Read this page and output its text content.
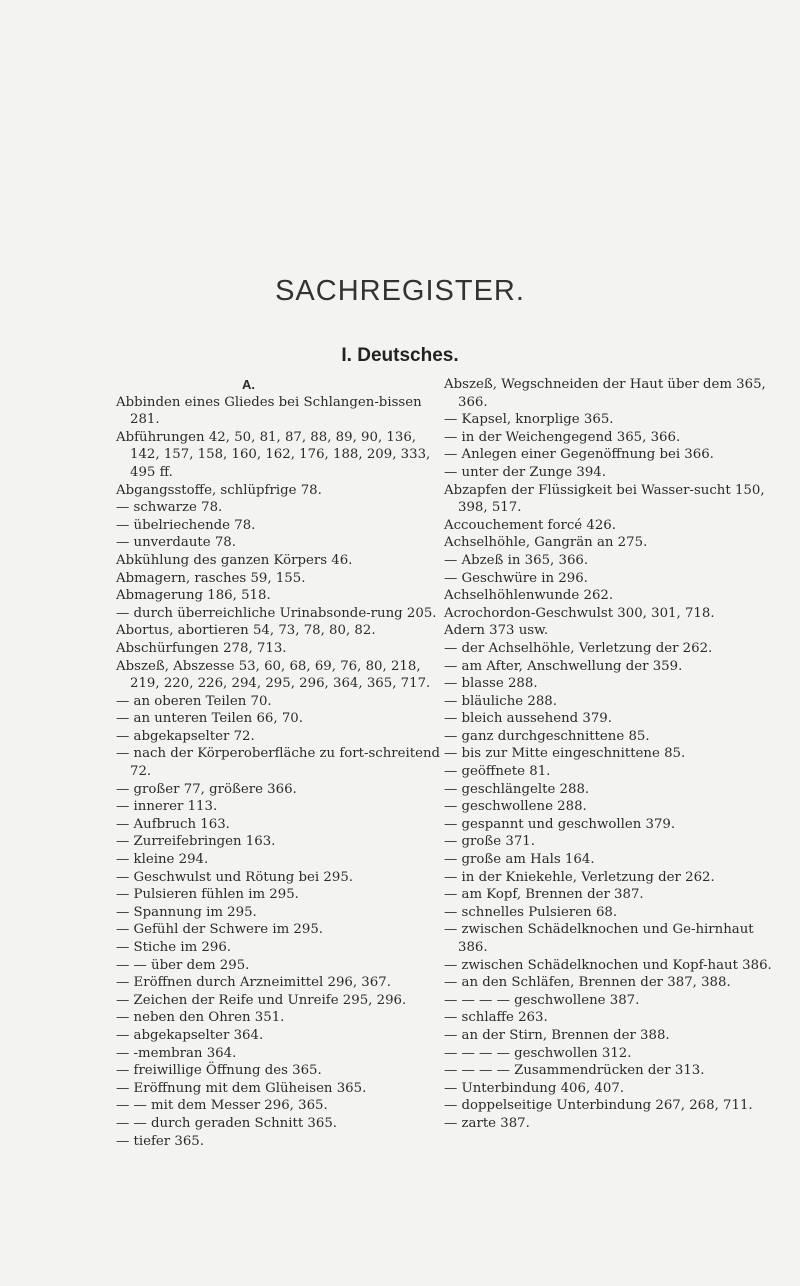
SACHREGISTER.
I. Deutsches.
A.
Abbinden eines Gliedes bei Schlangen-bissen 281.
Abführungen 42, 50, 81, 87, 88, 89, 90, 136, 142, 157, 158, 160, 162, 176, 188, 209, 333, 495 ff.
Abgangsstoffe, schlüpfrige 78.
— schwarze 78.
— übelriechende 78.
— unverdaute 78.
Abkühlung des ganzen Körpers 46.
Abmagern, rasches 59, 155.
Abmagerung 186, 518.
— durch überreichliche Urinabsonde-rung 205.
Abortus, abortieren 54, 73, 78, 80, 82.
Abschürfungen 278, 713.
Abszeß, Abszesse 53, 60, 68, 69, 76, 80, 218, 219, 220, 226, 294, 295, 296, 364, 365, 717.
— an oberen Teilen 70.
— an unteren Teilen 66, 70.
— abgekapselter 72.
— nach der Körperoberfläche zu fort-schreitend 72.
— großer 77, größere 366.
— innerer 113.
— Aufbruch 163.
— Zurreifebringen 163.
— kleine 294.
— Geschwulst und Rötung bei 295.
— Pulsieren fühlen im 295.
— Spannung im 295.
— Gefühl der Schwere im 295.
— Stiche im 296.
— — über dem 295.
— Eröffnen durch Arzneimittel 296, 367.
— Zeichen der Reife und Unreife 295, 296.
— neben den Ohren 351.
— abgekapselter 364.
— -membran 364.
— freiwillige Öffnung des 365.
— Eröffnung mit dem Glüheisen 365.
— — mit dem Messer 296, 365.
— — durch geraden Schnitt 365.
— tiefer 365.
Abszeß, Wegschneiden der Haut über dem 365, 366.
— Kapsel, knorplige 365.
— in der Weichengegend 365, 366.
— Anlegen einer Gegenöffnung bei 366.
— unter der Zunge 394.
Abzapfen der Flüssigkeit bei Wasser-sucht 150, 398, 517.
Accouchement forcé 426.
Achselhöhle, Gangrän an 275.
— Abzeß in 365, 366.
— Geschwüre in 296.
Achselhöhlenwunde 262.
Acrochordon-Geschwulst 300, 301, 718.
Adern 373 usw.
— der Achselhöhle, Verletzung der 262.
— am After, Anschwellung der 359.
— blasse 288.
— bläuliche 288.
— bleich aussehend 379.
— ganz durchgeschnittene 85.
— bis zur Mitte eingeschnittene 85.
— geöffnete 81.
— geschlängelte 288.
— geschwollene 288.
— gespannt und geschwollen 379.
— große 371.
— große am Hals 164.
— in der Kniekehle, Verletzung der 262.
— am Kopf, Brennen der 387.
— schnelles Pulsieren 68.
— zwischen Schädelknochen und Ge-hirnhaut 386.
— zwischen Schädelknochen und Kopf-haut 386.
— an den Schläfen, Brennen der 387, 388.
— — — — geschwollene 387.
— schlaffe 263.
— an der Stirn, Brennen der 388.
— — — — geschwollen 312.
— — — — Zusammendrücken der 313.
— Unterbindung 406, 407.
— doppelseitige Unterbindung 267, 268, 711.
— zarte 387.
